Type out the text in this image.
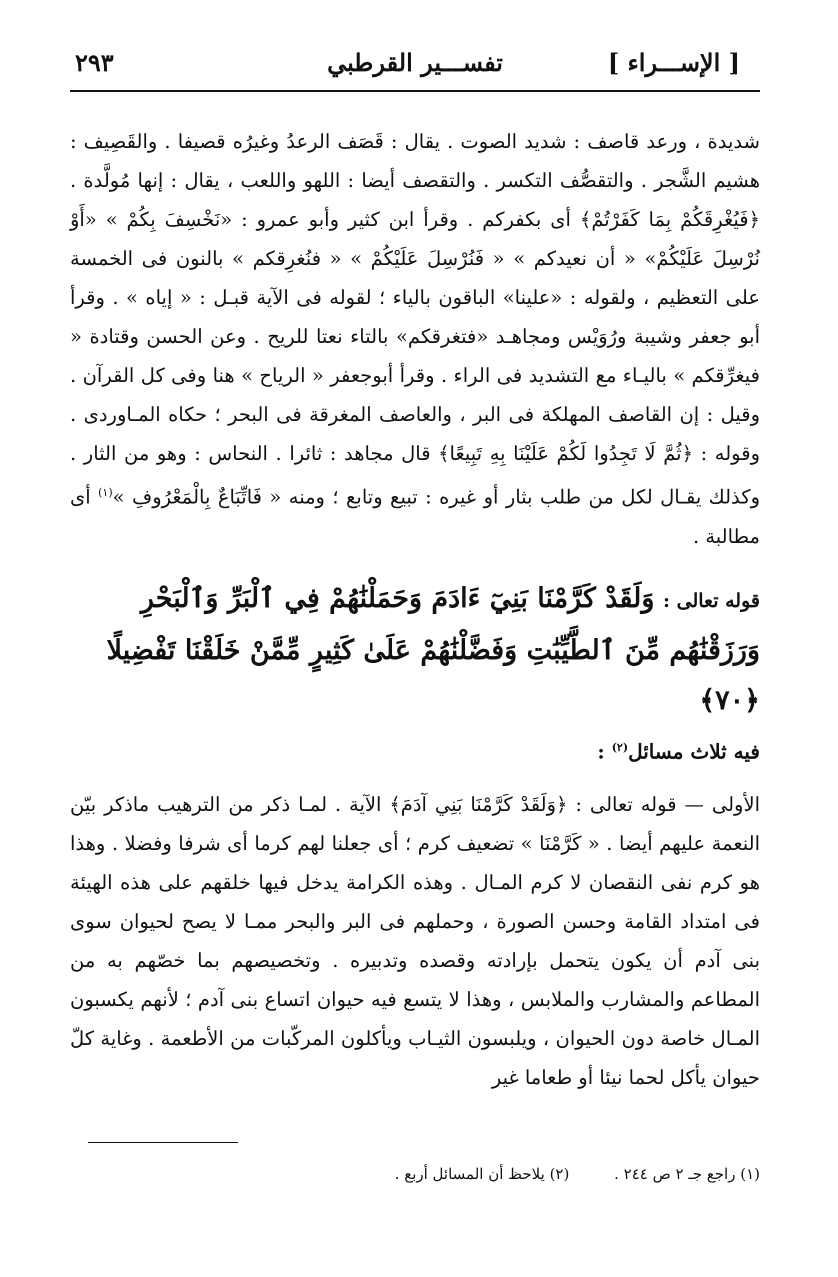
[ الإســـراء ]
تفســـير القرطبي
٢٩٣

شديدة ، ورعد قاصف : شديد الصوت . يقال : قَصَف الرعدُ وغيرُه قصيفا . والقَصِيف : هشيم الشَّجر . والتقصُّف التكسر . والتقصف أيضا : اللهو واللعب ، يقال : إنها مُولَّدة . ﴿فَيُغْرِقَكُمْ بِمَا كَفَرْتُمْ﴾ أى بكفركم . وقرأ ابن كثير وأبو عمرو : «نَخْسِفَ بِكُمْ » «أَوْ نُرْسِلَ عَلَيْكُمْ» « أن نعيدكم » « فَنُرْسِلَ عَلَيْكُمْ » « فنُغرِقكم » بالنون فى الخمسة على التعظيم ، ولقوله : «علينا» الباقون بالياء ؛ لقوله فى الآية قبـل : « إياه » . وقرأ أبو جعفر وشيبة ورُوَيْس ومجاهـد «فتغرقكم» بالتاء نعتا للريح . وعن الحسن وقتادة « فيغرِّقكم » باليـاء مع التشديد فى الراء . وقرأ أبوجعفر « الرياح » هنا وفى كل القرآن . وقيل : إن القاصف المهلكة فى البر ، والعاصف المغرقة فى البحر ؛ حكاه المـاوردى . وقوله : ﴿ثُمَّ لَا تَجِدُوا لَكُمْ عَلَيْنَا بِهِ تَبِيعًا﴾ قال مجاهد : ثائرا . النحاس : وهو من الثار . وكذلك يقـال لكل من طلب بثار أو غيره : تبيع وتابع ؛ ومنه « فَاتِّبَاعٌ بِالْمَعْرُوفِ »$^{(١)}$ أى مطالبة .

قوله تعالى : وَلَقَدْ كَرَّمْنَا بَنِيٓ ءَادَمَ وَحَمَلْنَٰهُمْ فِي ٱلْبَرِّ وَٱلْبَحْرِ وَرَزَقْنَٰهُم مِّنَ ٱلطَّيِّبَٰتِ وَفَضَّلْنَٰهُمْ عَلَىٰ كَثِيرٍ مِّمَّنْ خَلَقْنَا تَفْضِيلًا ﴿٧٠﴾
فيه ثلاث مسائل$^{(٢)}$ :

الأولى — قوله تعالى : ﴿وَلَقَدْ كَرَّمْنَا بَنِي آدَمَ﴾ الآية . لمـا ذكر من الترهيب ماذكر بيّن النعمة عليهم أيضا . « كَرَّمْنَا » تضعيف كرم ؛ أى جعلنا لهم كرما أى شرفا وفضلا . وهذا هو كرم نفى النقصان لا كرم المـال . وهذه الكرامة يدخل فيها خلقهم على هذه الهيئة فى امتداد القامة وحسن الصورة ، وحملهم فى البر والبحر ممـا لا يصح لحيوان سوى بنى آدم أن يكون يتحمل بإرادته وقصده وتدبيره . وتخصيصهم بما خصّهم به من المطاعم والمشارب والملابس ، وهذا لا يتسع فيه حيوان اتساع بنى آدم ؛ لأنهم يكسبون المـال خاصة دون الحيوان ، ويلبسون الثيـاب ويأكلون المركّبات من الأطعمة . وغاية كلّ حيوان يأكل لحما نيئا أو طعاما غير

(١) راجع جـ ٢ ص ٢٤٤ . (٢) يلاحظ أن المسائل أربع .
